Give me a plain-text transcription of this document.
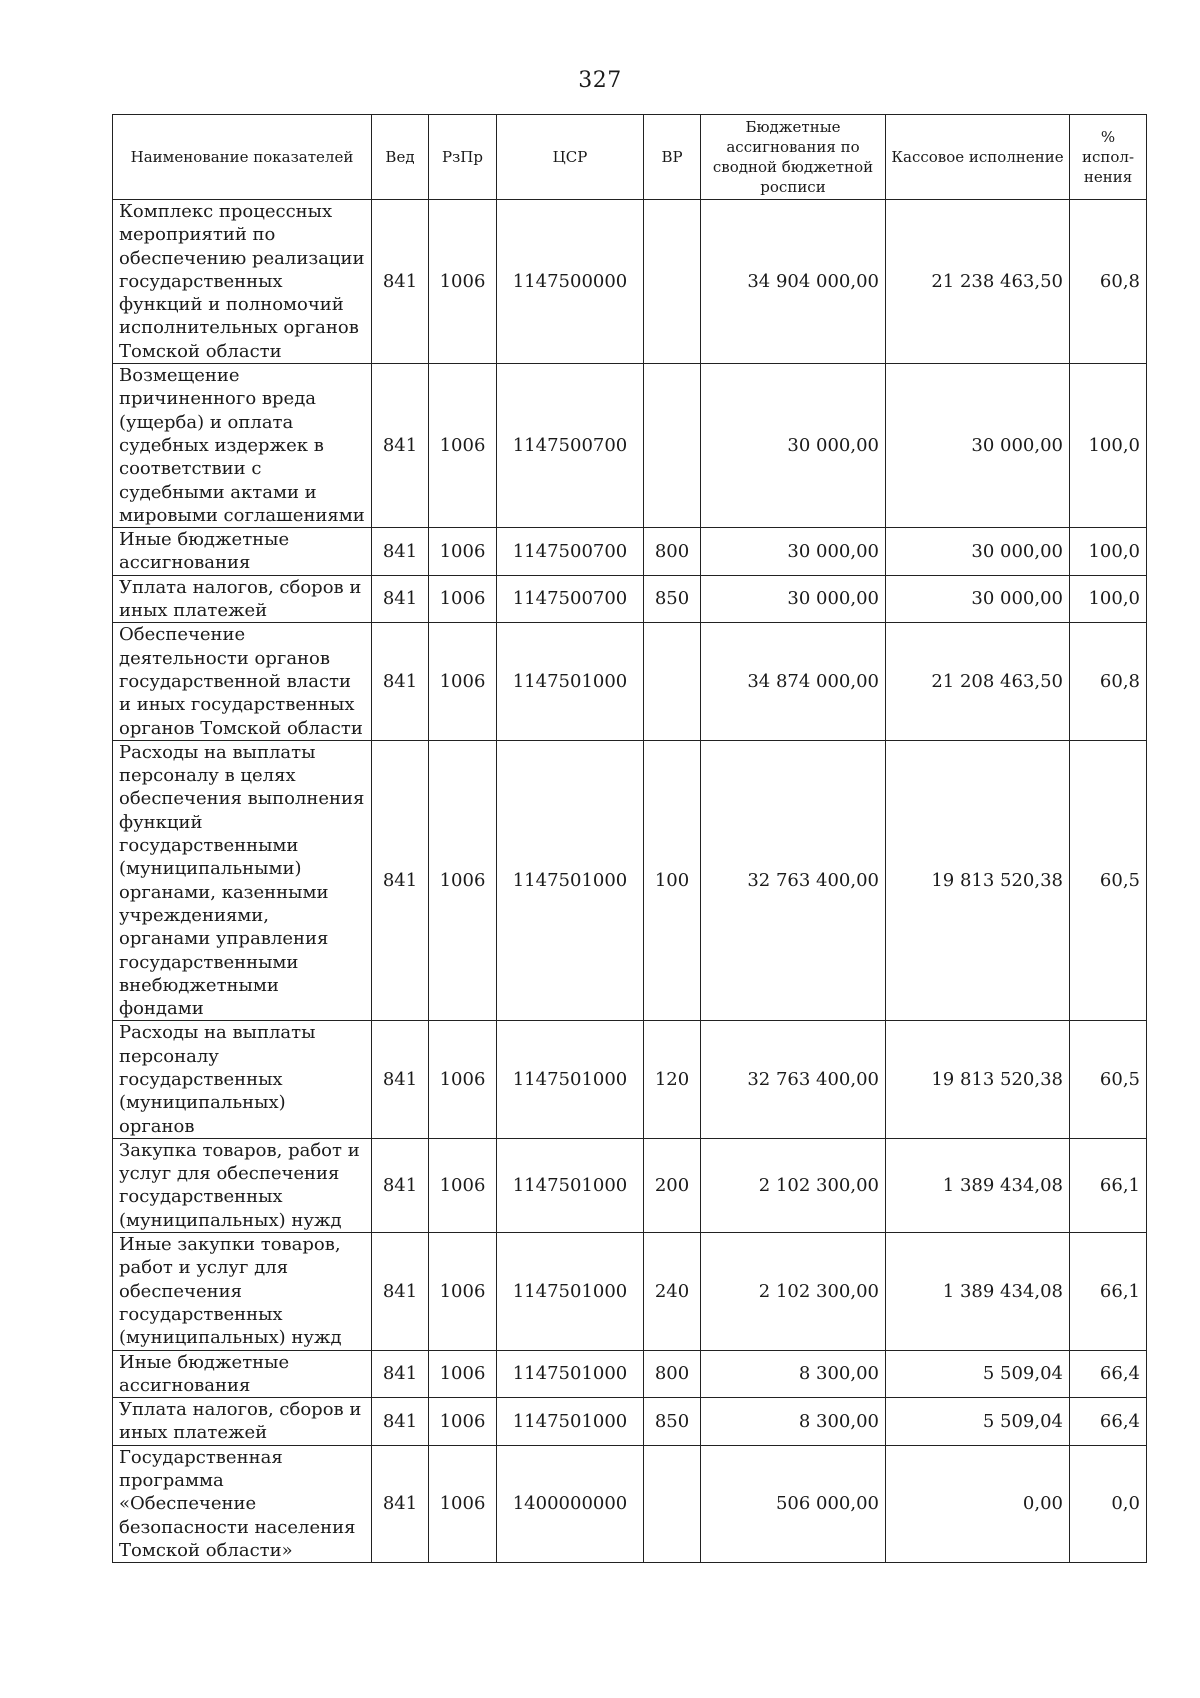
327
Наименование показателей	Вед	РзПр	ЦСР	ВР	Бюджетные ассигнования по сводной бюджетной росписи	Кассовое исполнение	% испол-нения
Комплекс процессных мероприятий по обеспечению реализации государственных функций и полномочий исполнительных органов Томской области	841	1006	1147500000		34 904 000,00	21 238 463,50	60,8
Возмещение причиненного вреда (ущерба) и оплата судебных издержек в соответствии с судебными актами и мировыми соглашениями	841	1006	1147500700		30 000,00	30 000,00	100,0
Иные бюджетные ассигнования	841	1006	1147500700	800	30 000,00	30 000,00	100,0
Уплата налогов, сборов и иных платежей	841	1006	1147500700	850	30 000,00	30 000,00	100,0
Обеспечение деятельности органов государственной власти и иных государственных органов Томской области	841	1006	1147501000		34 874 000,00	21 208 463,50	60,8
Расходы на выплаты персоналу в целях обеспечения выполнения функций государственными (муниципальными) органами, казенными учреждениями, органами управления государственными внебюджетными фондами	841	1006	1147501000	100	32 763 400,00	19 813 520,38	60,5
Расходы на выплаты персоналу государственных (муниципальных) органов	841	1006	1147501000	120	32 763 400,00	19 813 520,38	60,5
Закупка товаров, работ и услуг для обеспечения государственных (муниципальных) нужд	841	1006	1147501000	200	2 102 300,00	1 389 434,08	66,1
Иные закупки товаров, работ и услуг для обеспечения государственных (муниципальных) нужд	841	1006	1147501000	240	2 102 300,00	1 389 434,08	66,1
Иные бюджетные ассигнования	841	1006	1147501000	800	8 300,00	5 509,04	66,4
Уплата налогов, сборов и иных платежей	841	1006	1147501000	850	8 300,00	5 509,04	66,4
Государственная программа «Обеспечение безопасности населения Томской области»	841	1006	1400000000		506 000,00	0,00	0,0
